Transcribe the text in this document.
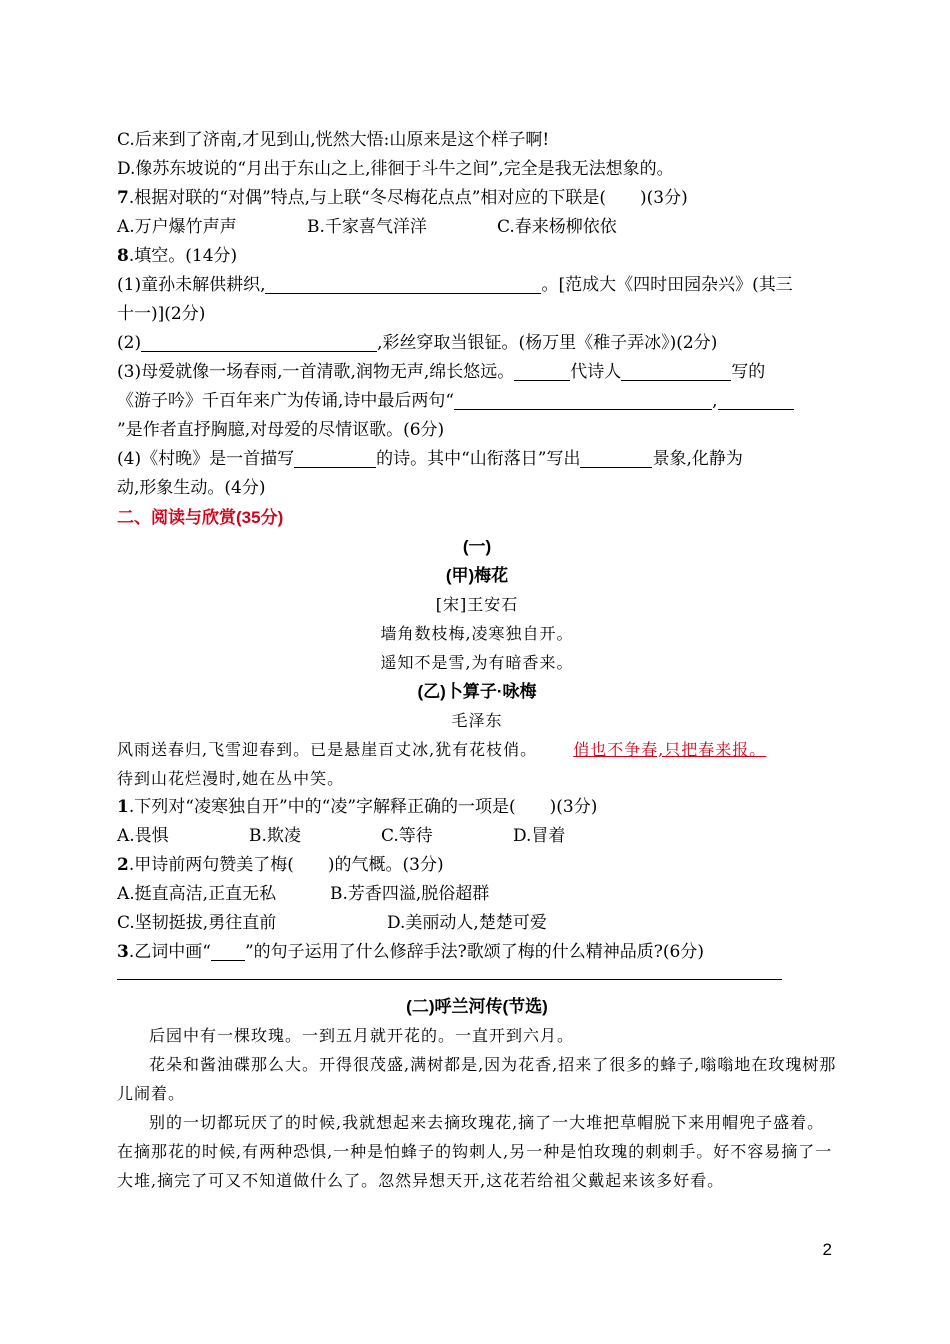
C.后来到了济南,才见到山,恍然大悟:山原来是这个样子啊!
D.像苏东坡说的“月出于东山之上,徘徊于斗牛之间”,完全是我无法想象的。
7.根据对联的“对偶”特点,与上联“冬尽梅花点点”相对应的下联是(　　)(3分)
A.万户爆竹声声	B.千家喜气洋洋	C.春来杨柳依依
8.填空。(14分)
(1)童孙未解供耕织,	。[范成大《四时田园杂兴》(其三
十一)](2分)
(2)	,彩丝穿取当银钲。(杨万里《稚子弄冰》)(2分)
(3)母爱就像一场春雨,一首清歌,润物无声,绵长悠远。	代诗人	写的
《游子吟》千百年来广为传诵,诗中最后两句“	,
”是作者直抒胸臆,对母爱的尽情讴歌。(6分)
(4)《村晚》是一首描写	的诗。其中“山衔落日”写出	景象,化静为
动,形象生动。(4分)
二、阅读与欣赏(35分)
(一)
(甲)梅花
[宋]王安石
墙角数枝梅,凌寒独自开。
遥知不是雪,为有暗香来。
(乙)卜算子·咏梅
毛泽东
风雨送春归,飞雪迎春到。已是悬崖百丈冰,犹有花枝俏。 俏也不争春,只把春来报。
待到山花烂漫时,她在丛中笑。
1.下列对“凌寒独自开”中的“凌”字解释正确的一项是(　　)(3分)
A.畏惧	B.欺凌	C.等待	D.冒着
2.甲诗前两句赞美了梅(　　)的气概。(3分)
A.挺直高洁,正直无私	B.芳香四溢,脱俗超群
C.坚韧挺拔,勇往直前	D.美丽动人,楚楚可爱
3.乙词中画“ ”的句子运用了什么修辞手法?歌颂了梅的什么精神品质?(6分)
(二)呼兰河传(节选)
后园中有一棵玫瑰。一到五月就开花的。一直开到六月。
花朵和酱油碟那么大。开得很茂盛,满树都是,因为花香,招来了很多的蜂子,嗡嗡地在玫瑰树那儿闹着。
别的一切都玩厌了的时候,我就想起来去摘玫瑰花,摘了一大堆把草帽脱下来用帽兜子盛着。在摘那花的时候,有两种恐惧,一种是怕蜂子的钩刺人,另一种是怕玫瑰的刺刺手。好不容易摘了一大堆,摘完了可又不知道做什么了。忽然异想天开,这花若给祖父戴起来该多好看。
2
